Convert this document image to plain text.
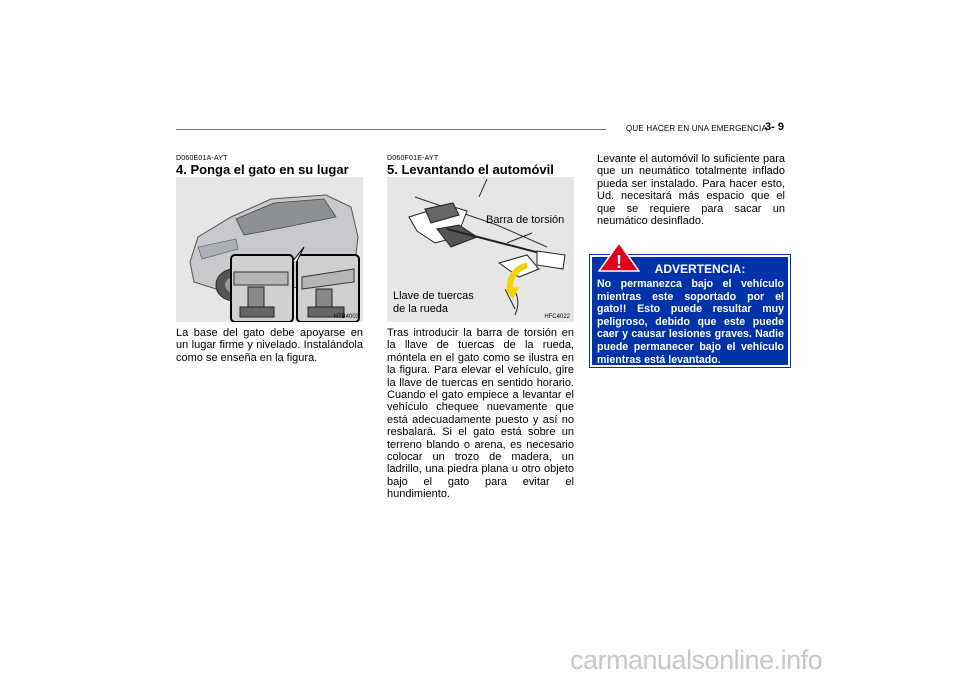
QUE HACER EN UNA EMERGENCIA
3- 9
D060E01A-AYT
4. Ponga el gato en su lugar
HTB4003
La base del gato debe apoyarse en un lugar firme y nivelado. Instalándola como se enseña en la figura.
D060F01E-AYT
5. Levantando el automóvil
Barra de torsión
Llave de tuercas
de la rueda
HFC4022
Tras introducir la barra de torsión en la llave de tuercas de la rueda, móntela en el gato como se ilustra en la figura. Para elevar el vehículo, gire la llave de tuercas en sentido horario. Cuando el gato empiece a levantar el vehículo chequee nuevamente que está adecuadamente puesto y así no resbalará. Si el gato está sobre un terreno blando o arena, es necesario colocar un trozo de madera, un ladrillo, una piedra plana u otro objeto bajo el gato para evitar el hundimiento.
Levante el automóvil lo suficiente para que un neumático totalmente inflado pueda ser instalado. Para hacer esto, Ud. necesitará más espacio que el que se requiere para sacar un neumático desinflado.
ADVERTENCIA:
No permanezca bajo el vehículo mientras este soportado por el gato!! Esto puede resultar muy peligroso, debido que este puede caer y causar lesiones graves. Nadie puede permanecer bajo el vehículo mientras está levantado.
!
carmanualsonline.info
